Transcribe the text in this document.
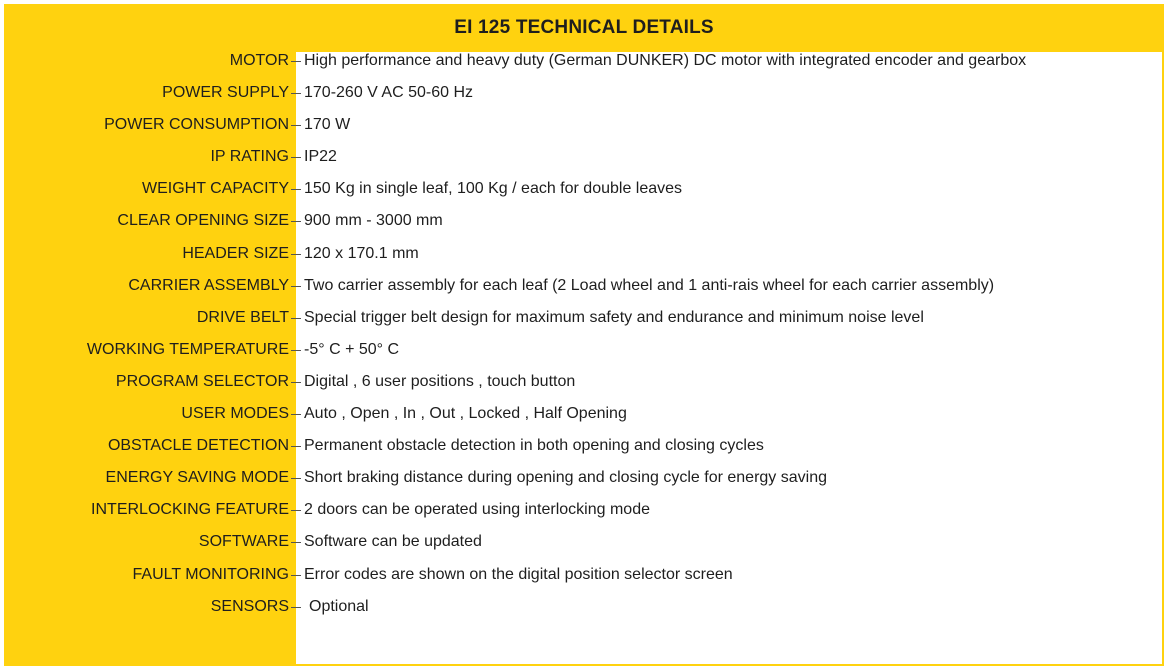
EI 125 TECHNICAL DETAILS
MOTOR High performance and heavy duty (German DUNKER) DC motor with integrated encoder and gearbox
POWER SUPPLY 170-260 V AC 50-60 Hz
POWER CONSUMPTION 170 W
IP RATING IP22
WEIGHT CAPACITY 150 Kg in single leaf, 100 Kg / each for double leaves
CLEAR OPENING SIZE 900 mm - 3000 mm
HEADER SIZE 120 x 170.1 mm
CARRIER ASSEMBLY Two carrier assembly for each leaf (2 Load wheel and 1 anti-rais wheel for each carrier assembly)
DRIVE BELT Special trigger belt design for maximum safety and endurance and minimum noise level
WORKING TEMPERATURE -5° C + 50° C
PROGRAM SELECTOR Digital , 6 user positions , touch button
USER MODES Auto , Open , In , Out , Locked , Half Opening
OBSTACLE DETECTION Permanent obstacle detection in both opening and closing cycles
ENERGY SAVING MODE Short braking distance during opening and closing cycle for energy saving
INTERLOCKING FEATURE 2 doors can be operated using interlocking mode
SOFTWARE Software can be updated
FAULT MONITORING Error codes are shown on the digital position selector screen
SENSORS Optional
